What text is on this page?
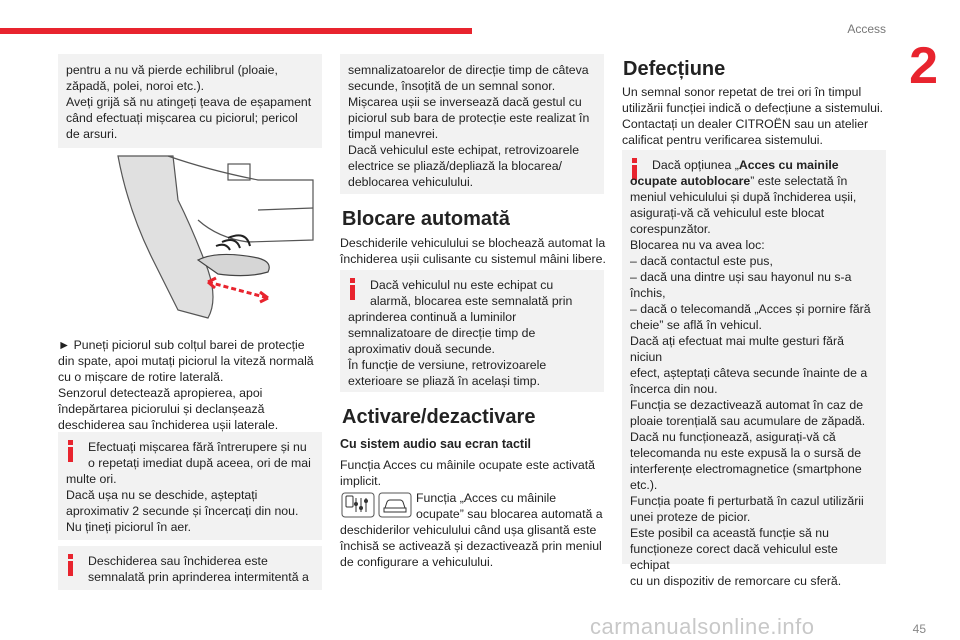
Access
2

pentru a nu vă pierde echilibrul (ploaie,

zăpadă, polei, noroi etc.).

Aveți grijă să nu atingeți țeava de eșapament

când efectuați mișcarea cu piciorul; pericol

de arsuri.

► Puneți piciorul sub colțul barei de protecție

din spate, apoi mutați piciorul la viteză normală

cu o mișcare de rotire laterală.

Senzorul detectează apropierea, apoi

îndepărtarea piciorului și declanșează

deschiderea sau închiderea ușii laterale.

Efectuați mișcarea fără întrerupere și nu

o repetați imediat după aceea, ori de mai

multe ori.

Dacă ușa nu se deschide, așteptați

aproximativ 2 secunde și încercați din nou.

Nu țineți piciorul în aer.

Deschiderea sau închiderea este

semnalată prin aprinderea intermitentă a

semnalizatoarelor de direcție timp de câteva

secunde, însoțită de un semnal sonor.

Mișcarea ușii se inversează dacă gestul cu

piciorul sub bara de protecție este realizat în

timpul manevrei.

Dacă vehiculul este echipat, retrovizoarele

electrice se pliază/depliază la blocarea/

deblocarea vehiculului.

Blocare automată

Deschiderile vehiculului se blochează automat la

închiderea ușii culisante cu sistemul mâini libere.

Dacă vehiculul nu este echipat cu

alarmă, blocarea este semnalată prin

aprinderea continuă a luminilor

semnalizatoare de direcție timp de

aproximativ două secunde.

În funcție de versiune, retrovizoarele

exterioare se pliază în același timp.

Activare/dezactivare
Cu sistem audio sau ecran tactil

Funcția Acces cu mâinile ocupate este activată

implicit.

Funcția „Acces cu mâinile

ocupate” sau blocarea automată a

deschiderilor vehiculului când ușa glisantă este

închisă se activează și dezactivează prin meniul

de configurare a vehiculului.

Defecțiune

Un semnal sonor repetat de trei ori în timpul

utilizării funcției indică o defecțiune a sistemului.

Contactați un dealer CITROËN sau un atelier

calificat pentru verificarea sistemului.

Dacă opțiunea „Acces cu mainile ocupate autoblocare” este selectată în

meniul vehiculului și după închiderea ușii,

asigurați-vă că vehiculul este blocat

corespunzător.

Blocarea nu va avea loc:

– dacă contactul este pus,

– dacă una dintre uși sau hayonul nu s-a

închis,

– dacă o telecomandă „Acces și pornire fără

cheie” se află în vehicul.

Dacă ați efectuat mai multe gesturi fără niciun

efect, așteptați câteva secunde înainte de a

încerca din nou.

Funcția se dezactivează automat în caz de

ploaie torențială sau acumulare de zăpadă.

Dacă nu funcționează, asigurați-vă că

telecomanda nu este expusă la o sursă de

interferențe electromagnetice (smartphone

etc.).

Funcția poate fi perturbată în cazul utilizării

unei proteze de picior.

Este posibil ca această funcție să nu

funcționeze corect dacă vehiculul este echipat

cu un dispozitiv de remorcare cu sferă.

carmanualsonline.info	45
